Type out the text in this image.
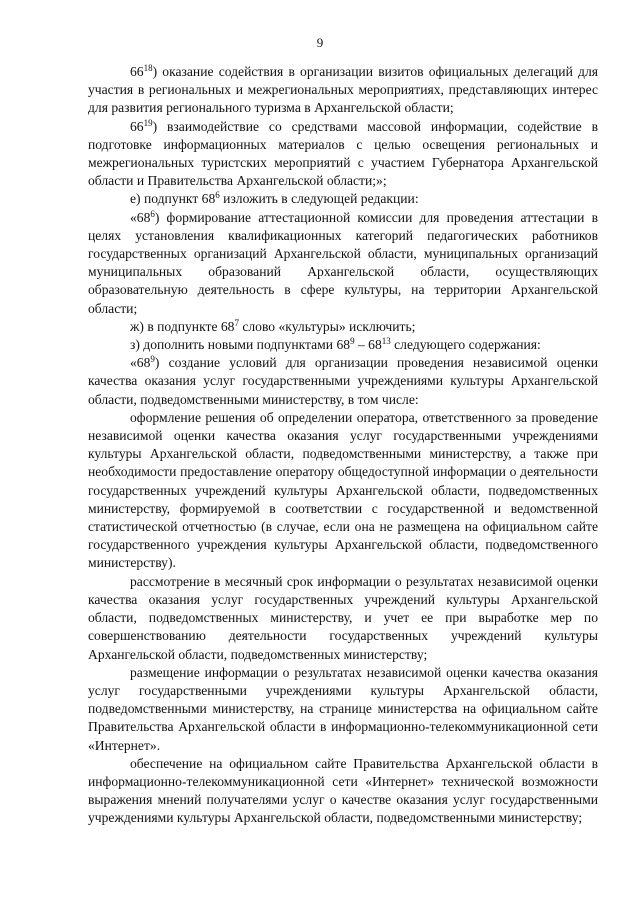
9

$66^{18}$) оказание содействия в организации визитов официальных делегаций для участия в региональных и межрегиональных мероприятиях, представляющих интерес для развития регионального туризма в Архангельской области;

$66^{19}$) взаимодействие со средствами массовой информации, содействие в подготовке информационных материалов с целью освещения региональных и межрегиональных туристских мероприятий с участием Губернатора Архангельской области и Правительства Архангельской области;»;

е) подпункт $68^6$ изложить в следующей редакции:

«$68^6$) формирование аттестационной комиссии для проведения аттестации в целях установления квалификационных категорий педагогических работников государственных организаций Архангельской области, муниципальных организаций муниципальных образований Архангельской области, осуществляющих образовательную деятельность в сфере культуры, на территории Архангельской области;

ж) в подпункте $68^7$ слово «культуры» исключить;

з) дополнить новыми подпунктами $68^9 - 68^{13}$ следующего содержания:

«$68^9$) создание условий для организации проведения независимой оценки качества оказания услуг государственными учреждениями культуры Архангельской области, подведомственными министерству, в том числе:

оформление решения об определении оператора, ответственного за проведение независимой оценки качества оказания услуг государственными учреждениями культуры Архангельской области, подведомственными министерству, а также при необходимости предоставление оператору общедоступной информации о деятельности государственных учреждений культуры Архангельской области, подведомственных министерству, формируемой в соответствии с государственной и ведомственной статистической отчетностью (в случае, если она не размещена на официальном сайте государственного учреждения культуры Архангельской области, подведомственного министерству).

рассмотрение в месячный срок информации о результатах независимой оценки качества оказания услуг государственных учреждений культуры Архангельской области, подведомственных министерству, и учет ее при выработке мер по совершенствованию деятельности государственных учреждений культуры Архангельской области, подведомственных министерству;

размещение информации о результатах независимой оценки качества оказания услуг государственными учреждениями культуры Архангельской области, подведомственными министерству, на странице министерства на официальном сайте Правительства Архангельской области в информационно-телекоммуникационной сети «Интернет».

обеспечение на официальном сайте Правительства Архангельской области в информационно-телекоммуникационной сети «Интернет» технической возможности выражения мнений получателями услуг о качестве оказания услуг государственными учреждениями культуры Архангельской области, подведомственными министерству;
